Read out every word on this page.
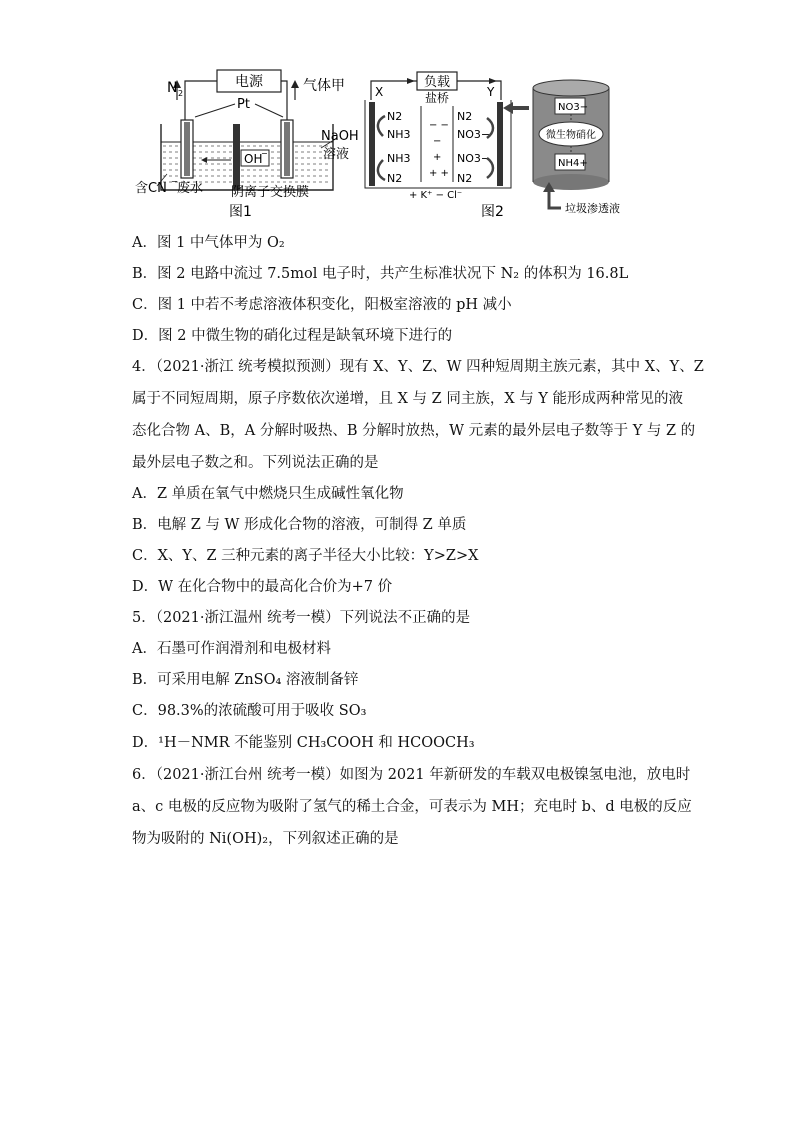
电源
N 2	气体甲
Pt
OH
−
NaOH
溶液
含CN − 废水 阴离子交换膜
图1
负载
X	Y
盐桥
− −
−
+
+ +
N2
NH3
NH3
N2
N2
NO3−
NO3−
N2
+ K⁺ − Cl⁻
NO3−
微生物硝化
NH4+
垃圾渗透液
图2
A．图 1 中气体甲为 O₂
B．图 2 电路中流过 7.5mol 电子时，共产生标准状况下 N₂ 的体积为 16.8L
C．图 1 中若不考虑溶液体积变化，阳极室溶液的 pH 减小
D．图 2 中微生物的硝化过程是缺氧环境下进行的
4．（2021·浙江 统考模拟预测）现有 X、Y、Z、W 四种短周期主族元素，其中 X、Y、Z
属于不同短周期，原子序数依次递增，且 X 与 Z 同主族，X 与 Y 能形成两种常见的液
态化合物 A、B，A 分解时吸热、B 分解时放热，W 元素的最外层电子数等于 Y 与 Z 的
最外层电子数之和。下列说法正确的是
A．Z 单质在氧气中燃烧只生成碱性氧化物
B．电解 Z 与 W 形成化合物的溶液，可制得 Z 单质
C．X、Y、Z 三种元素的离子半径大小比较：Y>Z>X
D．W 在化合物中的最高化合价为+7 价
5．（2021·浙江温州 统考一模）下列说法不正确的是
A．石墨可作润滑剂和电极材料
B．可采用电解 ZnSO₄ 溶液制备锌
C．98.3%的浓硫酸可用于吸收 SO₃
D．¹H－NMR 不能鉴别 CH₃COOH 和 HCOOCH₃
6．（2021·浙江台州 统考一模）如图为 2021 年新研发的车载双电极镍氢电池，放电时
a、c 电极的反应物为吸附了氢气的稀土合金，可表示为 MH；充电时 b、d 电极的反应
物为吸附的 Ni(OH)₂，下列叙述正确的是
